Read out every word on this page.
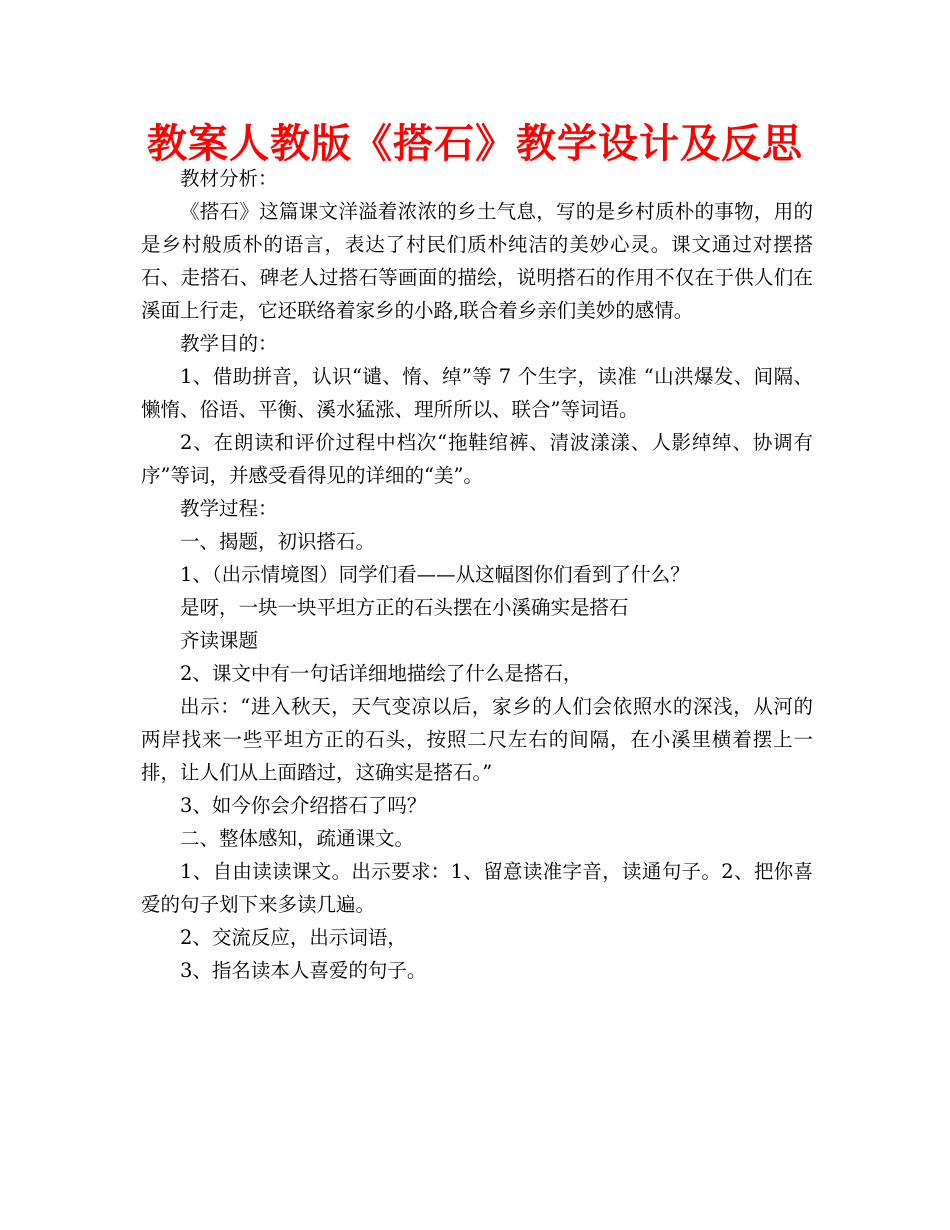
教案人教版《搭石》教学设计及反思

教材分析：

《搭石》这篇课文洋溢着浓浓的乡土气息，写的是乡村质朴的事物，用的是乡村般质朴的语言，表达了村民们质朴纯洁的美妙心灵。课文通过对摆搭石、走搭石、碑老人过搭石等画面的描绘，说明搭石的作用不仅在于供人们在溪面上行走，它还联络着家乡的小路,联合着乡亲们美妙的感情。

教学目的：

1、借助拼音，认识“谴、惰、绰”等 7 个生字，读准 “山洪爆发、间隔、懒惰、俗语、平衡、溪水猛涨、理所所以、联合”等词语。

2、在朗读和评价过程中档次“拖鞋绾裤、清波漾漾、人影绰绰、协调有序”等词，并感受看得见的详细的“美”。

教学过程：

一、揭题，初识搭石。

1、（出示情境图）同学们看——从这幅图你们看到了什么？

是呀，一块一块平坦方正的石头摆在小溪确实是搭石

齐读课题

2、课文中有一句话详细地描绘了什么是搭石，

出示：“进入秋天，天气变凉以后，家乡的人们会依照水的深浅，从河的两岸找来一些平坦方正的石头，按照二尺左右的间隔，在小溪里横着摆上一排，让人们从上面踏过，这确实是搭石。”

3、如今你会介绍搭石了吗？

二、整体感知，疏通课文。

1、自由读读课文。出示要求：1、留意读准字音，读通句子。2、把你喜爱的句子划下来多读几遍。

2、交流反应，出示词语，

3、指名读本人喜爱的句子。
